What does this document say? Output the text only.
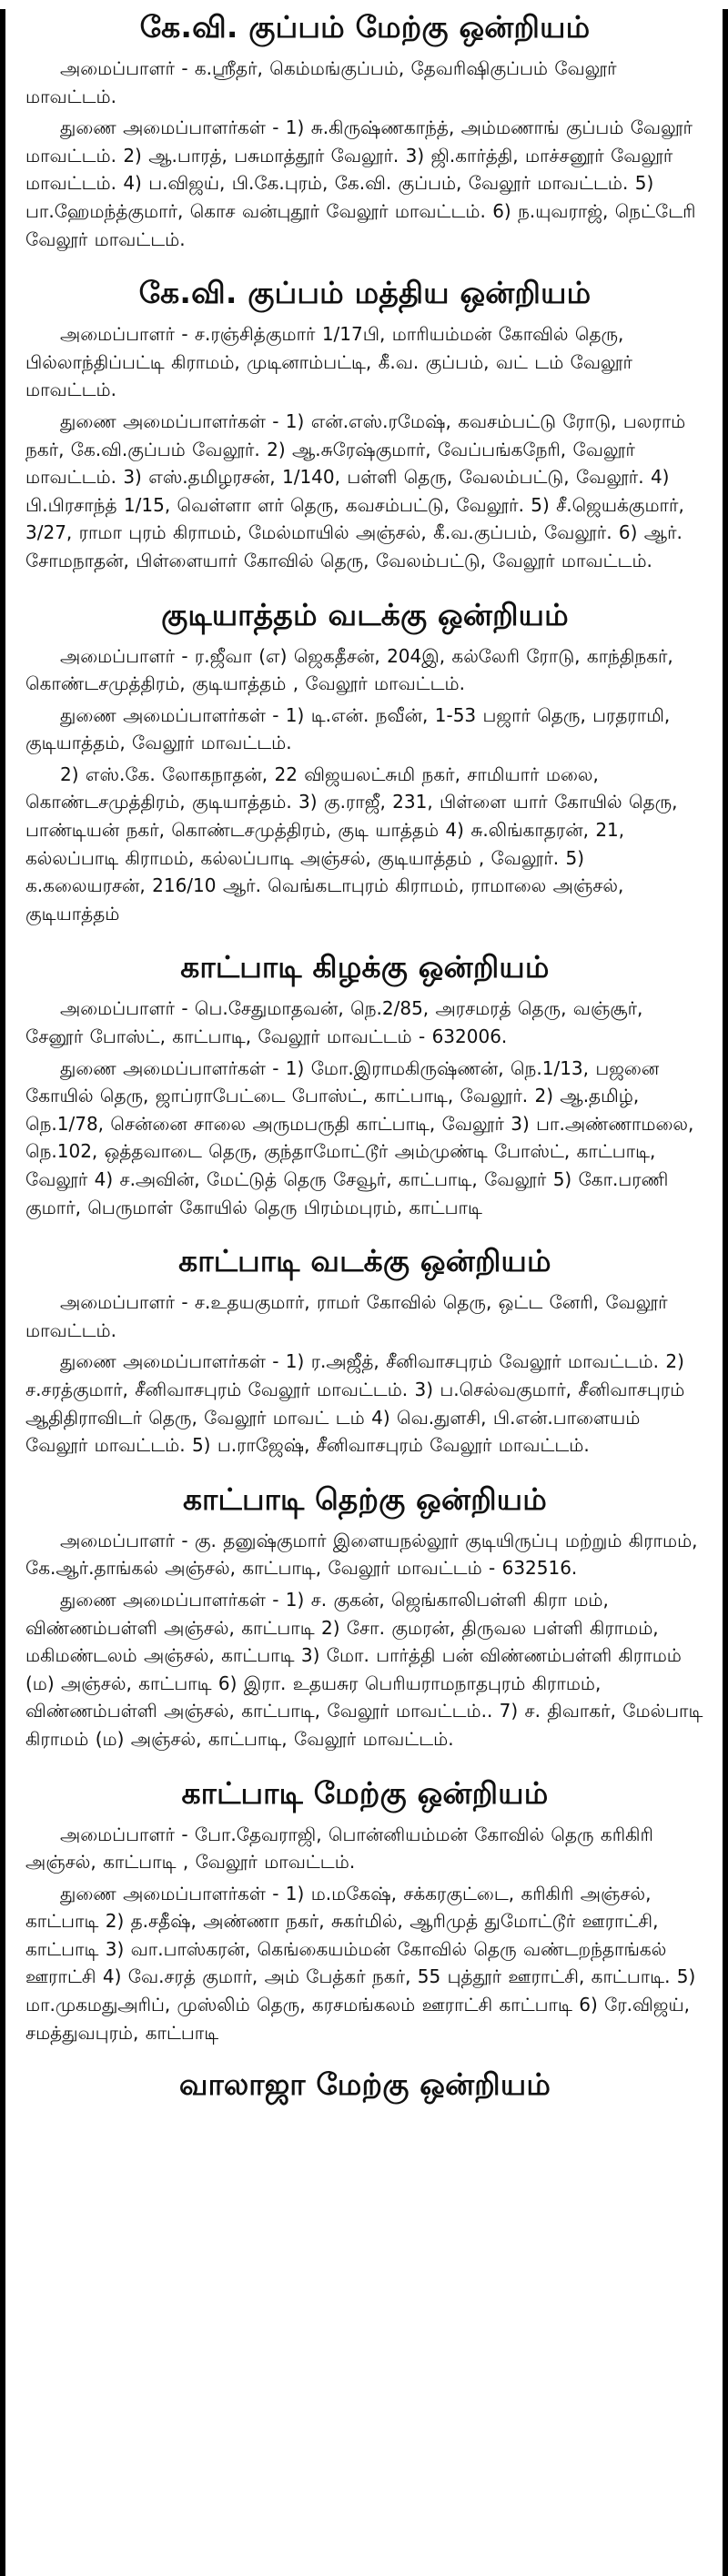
கே.வி. குப்பம் மேற்கு ஒன்றியம்

அமைப்பாளர் - க.ஶ்ரீதர், கெம்மங்குப்பம், தேவரிஷிகுப்பம் வேலூர் மாவட்டம்.

துணை அமைப்பாளர்கள் - 1) சு.கிருஷ்ணகாந்த், அம்மணாங் குப்பம் வேலூர் மாவட்டம். 2) ஆ.பாரத், பசுமாத்தூர் வேலூர். 3) ஜி.கார்த்தி, மாச்சனூர் வேலூர் மாவட்டம். 4) ப.விஜய், பி.கே.புரம், கே.வி. குப்பம், வேலூர் மாவட்டம். 5) பா.ஹேமந்த்குமார், கொச வன்புதூர் வேலூர் மாவட்டம். 6) ந.யுவராஜ், நெட்டேரி வேலூர் மாவட்டம்.

கே.வி. குப்பம் மத்திய ஒன்றியம்

அமைப்பாளர் - ச.ரஞ்சித்குமார் 1/17பி, மாரியம்மன் கோவில் தெரு, பில்லாந்திப்பட்டி கிராமம், முடினாம்பட்டி, கீ.வ. குப்பம், வட் டம் வேலூர் மாவட்டம்.

துணை அமைப்பாளர்கள் - 1) என்.எஸ்.ரமேஷ், கவசம்பட்டு ரோடு, பலராம் நகர், கே.வி.குப்பம் வேலூர். 2) ஆ.சுரேஷ்குமார், வேப்பங்கநேரி, வேலூர் மாவட்டம். 3) எஸ்.தமிழரசன், 1/140, பள்ளி தெரு, வேலம்பட்டு, வேலூர். 4) பி.பிரசாந்த் 1/15, வெள்ளா ளர் தெரு, கவசம்பட்டு, வேலூர். 5) சீ.ஜெயக்குமார், 3/27, ராமா புரம் கிராமம், மேல்மாயில் அஞ்சல், கீ.வ.குப்பம், வேலூர். 6) ஆர். சோமநாதன், பிள்ளையார் கோவில் தெரு, வேலம்பட்டு, வேலூர் மாவட்டம்.

குடியாத்தம் வடக்கு ஒன்றியம்

அமைப்பாளர் - ர.ஜீவா (எ) ஜெகதீசன், 204இ, கல்லேரி ரோடு, காந்திநகர், கொண்டசமுத்திரம், குடியாத்தம் , வேலூர் மாவட்டம்.

துணை அமைப்பாளர்கள் - 1) டி.என். நவீன், 1-53 பஜார் தெரு, பரதராமி, குடியாத்தம், வேலூர் மாவட்டம்.

2) எஸ்.கே. லோகநாதன், 22 விஜயலட்சுமி நகர், சாமியார் மலை, கொண்டசமுத்திரம், குடியாத்தம். 3) கு.ராஜீ, 231, பிள்ளை யார் கோயில் தெரு, பாண்டியன் நகர், கொண்டசமுத்திரம், குடி யாத்தம் 4) சு.லிங்காதரன், 21, கல்லப்பாடி கிராமம், கல்லப்பாடி அஞ்சல், குடியாத்தம் , வேலூர். 5) க.கலையரசன், 216/10 ஆர். வெங்கடாபுரம் கிராமம், ராமாலை அஞ்சல், குடியாத்தம்

காட்பாடி கிழக்கு ஒன்றியம்

அமைப்பாளர் - பெ.சேதுமாதவன், நெ.2/85, அரசமரத் தெரு, வஞ்சூர், சேனூர் போஸ்ட், காட்பாடி, வேலூர் மாவட்டம் - 632006.

துணை அமைப்பாளர்கள் - 1) மோ.இராமகிருஷ்ணன், நெ.1/13, பஜனை கோயில் தெரு, ஜாப்ராபேட்டை போஸ்ட், காட்பாடி, வேலூர். 2) ஆ.தமிழ், நெ.1/78, சென்னை சாலை அருமபருதி காட்பாடி, வேலூர் 3) பா.அண்ணாமலை, நெ.102, ஒத்தவாடை தெரு, குந்தாமோட்டூர் அம்முண்டி போஸ்ட், காட்பாடி, வேலூர் 4) ச.அவின், மேட்டுத் தெரு சேவூர், காட்பாடி, வேலூர் 5) கோ.பரணி குமார், பெருமாள் கோயில் தெரு பிரம்மபுரம், காட்பாடி

காட்பாடி வடக்கு ஒன்றியம்

அமைப்பாளர் - ச.உதயகுமார், ராமர் கோவில் தெரு, ஒட்ட னேரி, வேலூர் மாவட்டம்.

துணை அமைப்பாளர்கள் - 1) ர.அஜீத், சீனிவாசபுரம் வேலூர் மாவட்டம். 2) ச.சரத்குமார், சீனிவாசபுரம் வேலூர் மாவட்டம். 3) ப.செல்வகுமார், சீனிவாசபுரம் ஆதிதிராவிடர் தெரு, வேலூர் மாவட் டம் 4) வெ.துளசி, பி.என்.பாளையம் வேலூர் மாவட்டம். 5) ப.ராஜேஷ், சீனிவாசபுரம் வேலூர் மாவட்டம்.

காட்பாடி தெற்கு ஒன்றியம்

அமைப்பாளர் - கு. தனுஷ்குமார் இளையநல்லூர் குடியிருப்பு மற்றும் கிராமம், கே.ஆர்.தாங்கல் அஞ்சல், காட்பாடி, வேலூர் மாவட்டம் - 632516.

துணை அமைப்பாளர்கள் - 1) ச. குகன், ஜெங்காலிபள்ளி கிரா மம், விண்ணம்பள்ளி அஞ்சல், காட்பாடி 2) சோ. குமரன், திருவல பள்ளி கிராமம், மகிமண்டலம் அஞ்சல், காட்பாடி 3) மோ. பார்த்தி பன் விண்ணம்பள்ளி கிராமம் (ம) அஞ்சல், காட்பாடி 6) இரா. உதயசுர பெரியராமநாதபுரம் கிராமம், விண்ணம்பள்ளி அஞ்சல், காட்பாடி, வேலூர் மாவட்டம்.. 7) ச. திவாகர், மேல்பாடி கிராமம் (ம) அஞ்சல், காட்பாடி, வேலூர் மாவட்டம்.

காட்பாடி மேற்கு ஒன்றியம்

அமைப்பாளர் - போ.தேவராஜி, பொன்னியம்மன் கோவில் தெரு கரிகிரி அஞ்சல், காட்பாடி , வேலூர் மாவட்டம்.

துணை அமைப்பாளர்கள் - 1) ம.மகேஷ், சக்கரகுட்டை, கரிகிரி அஞ்சல், காட்பாடி 2) த.சதீஷ், அண்ணா நகர், சுகர்மில், ஆரிமுத் துமோட்டூர் ஊராட்சி, காட்பாடி 3) வா.பாஸ்கரன், கெங்கையம்மன் கோவில் தெரு வண்டறந்தாங்கல் ஊராட்சி 4) வே.சரத் குமார், அம் பேத்கர் நகர், 55 புத்தூர் ஊராட்சி, காட்பாடி. 5) மா.முகமதுஅரிப், முஸ்லிம் தெரு, கரசமங்கலம் ஊராட்சி காட்பாடி 6) ரே.விஜய், சமத்துவபுரம், காட்பாடி

வாலாஜா மேற்கு ஒன்றியம்
